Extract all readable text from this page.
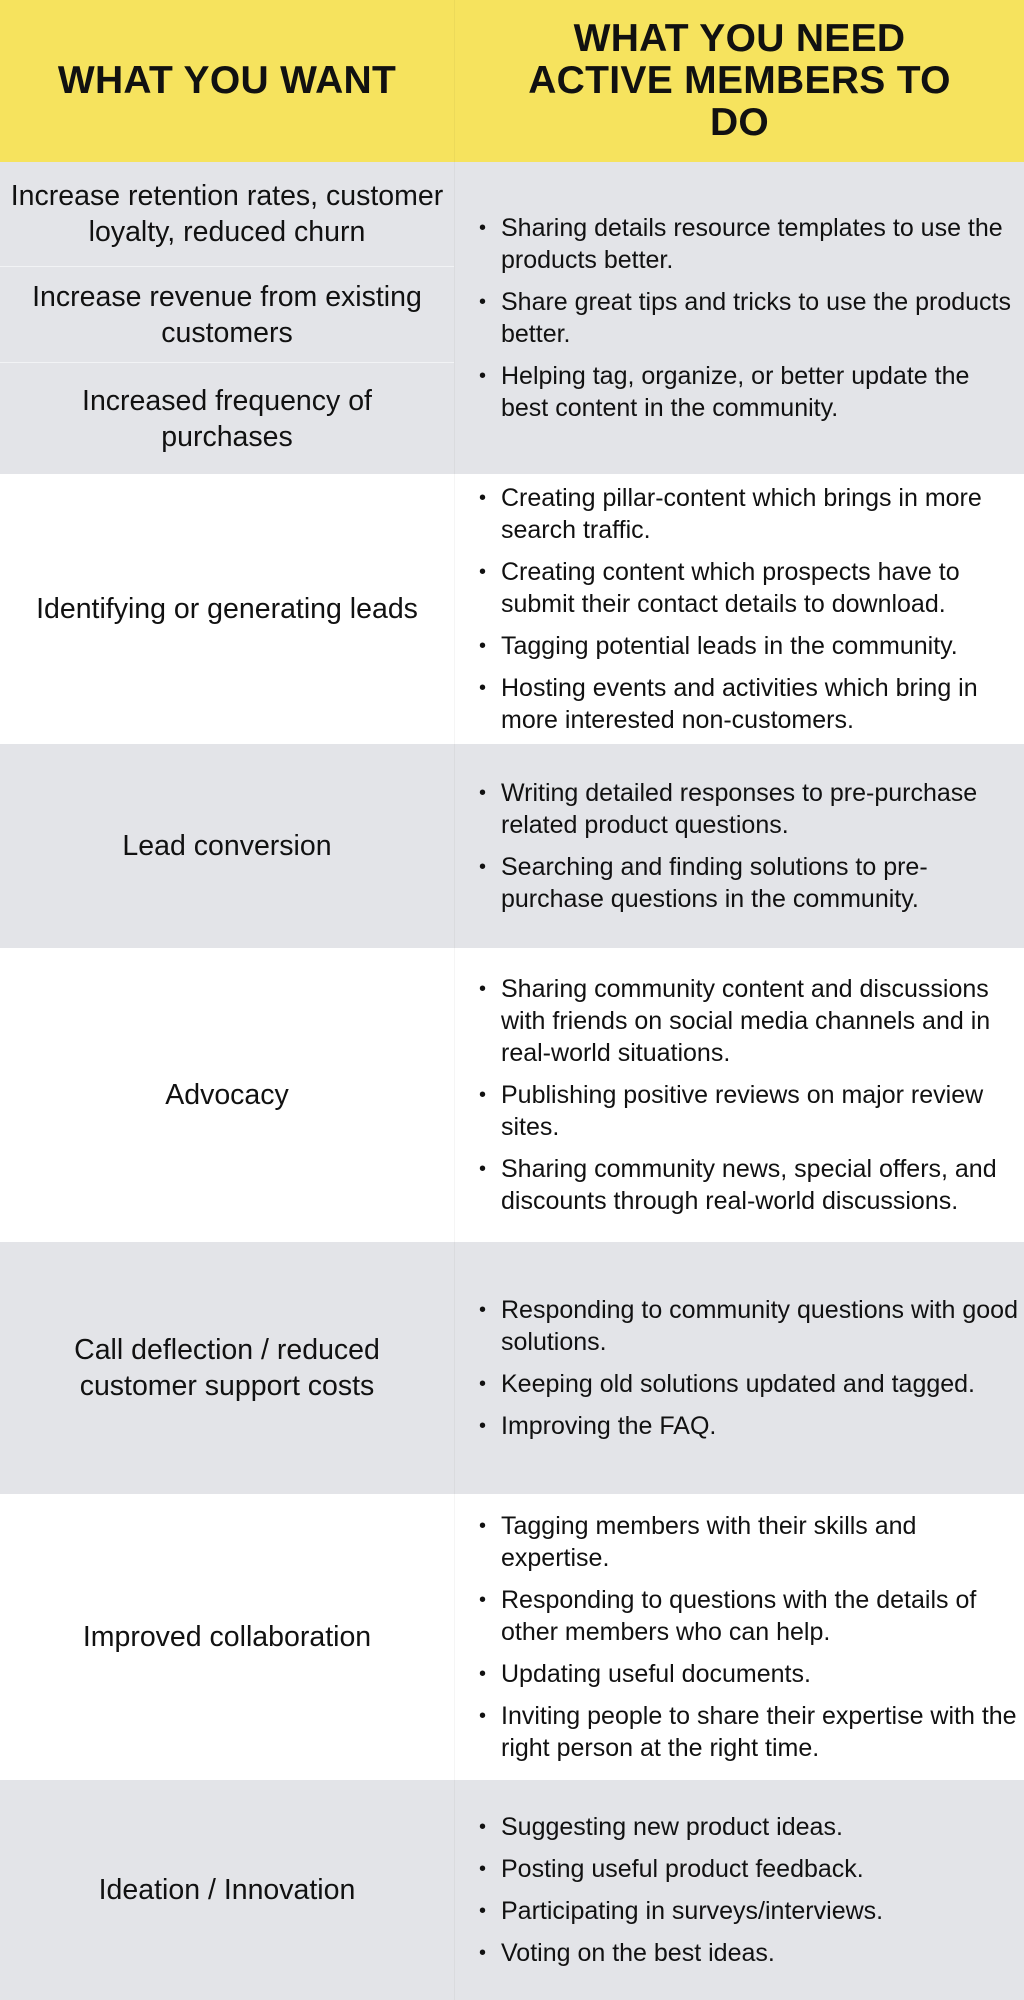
WHAT YOU WANT
WHAT YOU NEED ACTIVE MEMBERS TO DO
Increase retention rates, customer loyalty, reduced churn
Increase revenue from existing customers
Increased frequency of purchases
• Sharing details resource templates to use the products better.
• Share great tips and tricks to use the products better.
• Helping tag, organize, or better update the best content in the community.
Identifying or generating leads
• Creating pillar-content which brings in more search traffic.
• Creating content which prospects have to submit their contact details to download.
• Tagging potential leads in the community.
• Hosting events and activities which bring in more interested non-customers.
Lead conversion
• Writing detailed responses to pre-purchase related product questions.
• Searching and finding solutions to pre-purchase questions in the community.
Advocacy
• Sharing community content and discussions with friends on social media channels and in real-world situations.
• Publishing positive reviews on major review sites.
• Sharing community news, special offers, and discounts through real-world discussions.
Call deflection / reduced customer support costs
• Responding to community questions with good solutions.
• Keeping old solutions updated and tagged.
• Improving the FAQ.
Improved collaboration
• Tagging members with their skills and expertise.
• Responding to questions with the details of other members who can help.
• Updating useful documents.
• Inviting people to share their expertise with the right person at the right time.
Ideation / Innovation
• Suggesting new product ideas.
• Posting useful product feedback.
• Participating in surveys/interviews.
• Voting on the best ideas.
